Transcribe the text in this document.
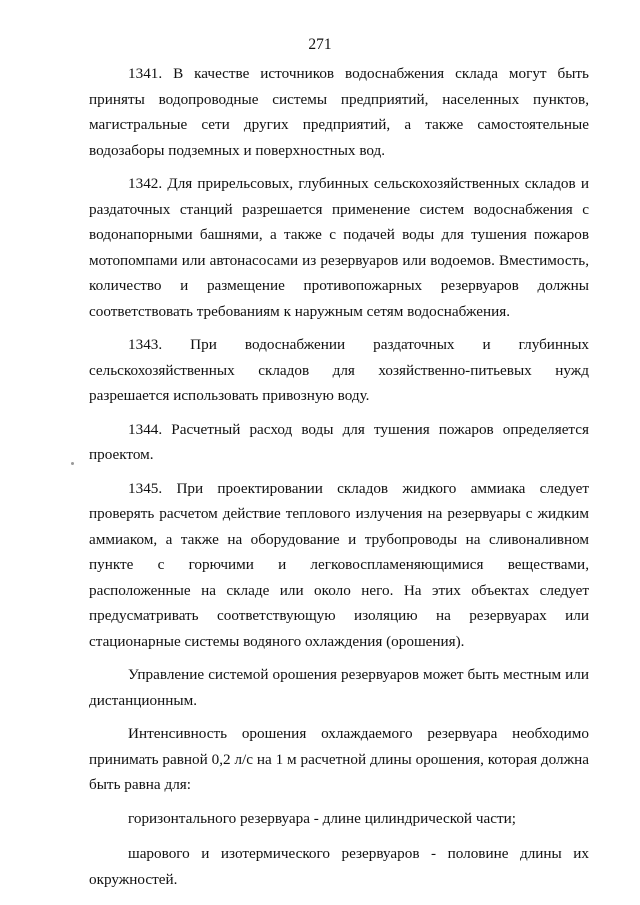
271

1341. В качестве источников водоснабжения склада могут быть приняты водопроводные системы предприятий, населенных пунктов, магистральные сети других предприятий, а также самостоятельные водозаборы подземных и поверхностных вод.

1342. Для прирельсовых, глубинных сельскохозяйственных складов и раздаточных станций разрешается применение систем водоснабжения с водонапорными башнями, а также с подачей воды для тушения пожаров мотопомпами или автонасосами из резервуаров или водоемов. Вместимость, количество и размещение противопожарных резервуаров должны соответствовать требованиям к наружным сетям водоснабжения.

1343. При водоснабжении раздаточных и глубинных сельскохозяйственных складов для хозяйственно-питьевых нужд разрешается использовать привозную воду.

1344. Расчетный расход воды для тушения пожаров определяется проектом.

1345. При проектировании складов жидкого аммиака следует проверять расчетом действие теплового излучения на резервуары с жидким аммиаком, а также на оборудование и трубопроводы на сливоналивном пункте с горючими и легковоспламеняющимися веществами, расположенные на складе или около него. На этих объектах следует предусматривать соответствующую изоляцию на резервуарах или стационарные системы водяного охлаждения (орошения).

Управление системой орошения резервуаров может быть местным или дистанционным.

Интенсивность орошения охлаждаемого резервуара необходимо принимать равной 0,2 л/с на 1 м расчетной длины орошения, которая должна быть равна для:

горизонтального резервуара - длине цилиндрической части;

шарового и изотермического резервуаров - половине длины их окружностей.
